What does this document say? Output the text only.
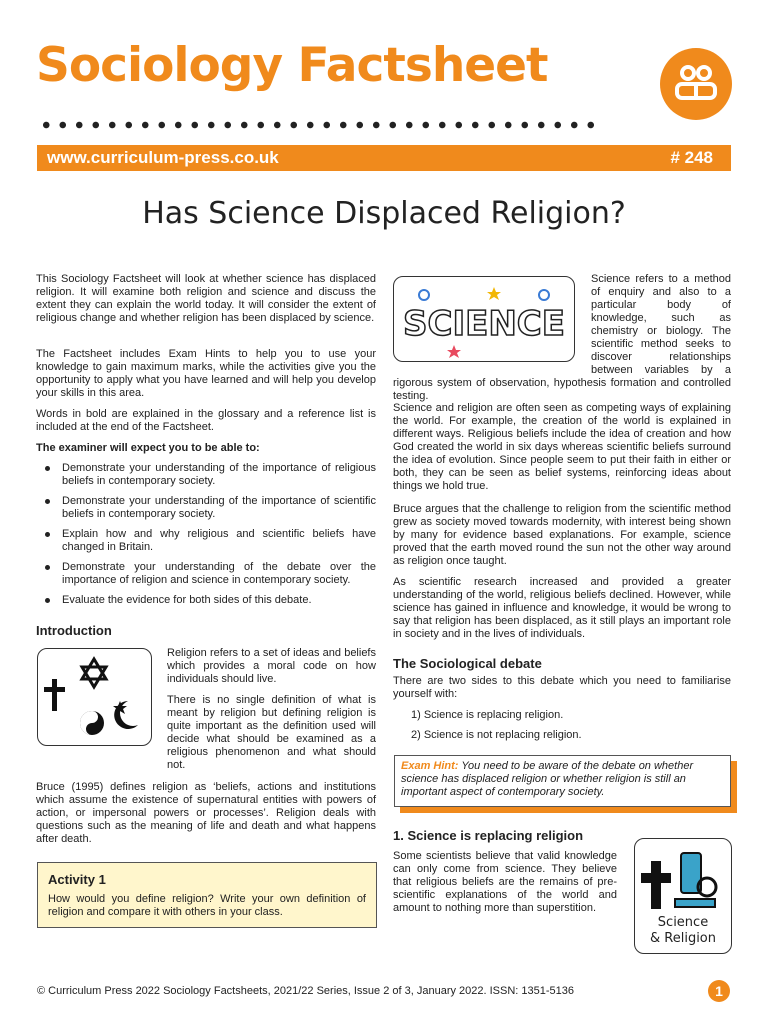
Sociology Factsheet
www.curriculum-press.co.uk	# 248
Has Science Displaced Religion?
This Sociology Factsheet will look at whether science has displaced religion. It will examine both religion and science and discuss the extent they can explain the world today. It will consider the extent of religious change and whether religion has been displaced by science.
The Factsheet includes Exam Hints to help you to use your knowledge to gain maximum marks, while the activities give you the opportunity to apply what you have learned and will help you develop your skills in this area.
Words in bold are explained in the glossary and a reference list is included at the end of the Factsheet.
The examiner will expect you to be able to:
Demonstrate your understanding of the importance of religious beliefs in contemporary society.
Demonstrate your understanding of the importance of scientific beliefs in contemporary society.
Explain how and why religious and scientific beliefs have changed in Britain.
Demonstrate your understanding of the debate over the importance of religion and science in contemporary society.
Evaluate the evidence for both sides of this debate.
Introduction
Religion refers to a set of ideas and beliefs which provides a moral code on how individuals should live.
There is no single definition of what is meant by religion but defining religion is quite important as the definition used will decide what should be examined as a religious phenomenon and what should not.
Bruce (1995) defines religion as ‘beliefs, actions and institutions which assume the existence of supernatural entities with powers of action, or impersonal powers or processes’. Religion deals with questions such as the meaning of life and death and what happens after death.
Activity 1
How would you define religion? Write your own definition of religion and compare it with others in your class.
SCIENCE
Science refers to a method of enquiry and also to a particular body of knowledge, such as chemistry or biology. The scientific method seeks to discover relationships between variables by a rigorous system of observation, hypothesis formation and controlled testing.
Science and religion are often seen as competing ways of explaining the world. For example, the creation of the world is explained in different ways. Religious beliefs include the idea of creation and how God created the world in six days whereas scientific beliefs surround the idea of evolution. Since people seem to put their faith in either or both, they can be seen as belief systems, reinforcing ideas about things we hold true.
Bruce argues that the challenge to religion from the scientific method grew as society moved towards modernity, with interest being shown by many for evidence based explanations. For example, science proved that the earth moved round the sun not the other way around as religion once taught.
As scientific research increased and provided a greater understanding of the world, religious beliefs declined. However, while science has gained in influence and knowledge, it would be wrong to say that religion has been displaced, as it still plays an important role in society and in the lives of individuals.
The Sociological debate
There are two sides to this debate which you need to familiarise yourself with:
1) Science is replacing religion.
2) Science is not replacing religion.
Exam Hint: You need to be aware of the debate on whether science has displaced religion or whether religion is still an important aspect of contemporary society.
1. Science is replacing religion
Some scientists believe that valid knowledge can only come from science. They believe that religious beliefs are the remains of pre-scientific explanations of the world and amount to nothing more than superstition.
Science
& Religion
© Curriculum Press 2022 Sociology Factsheets, 2021/22 Series, Issue 2 of 3, January 2022. ISSN: 1351-5136	1
